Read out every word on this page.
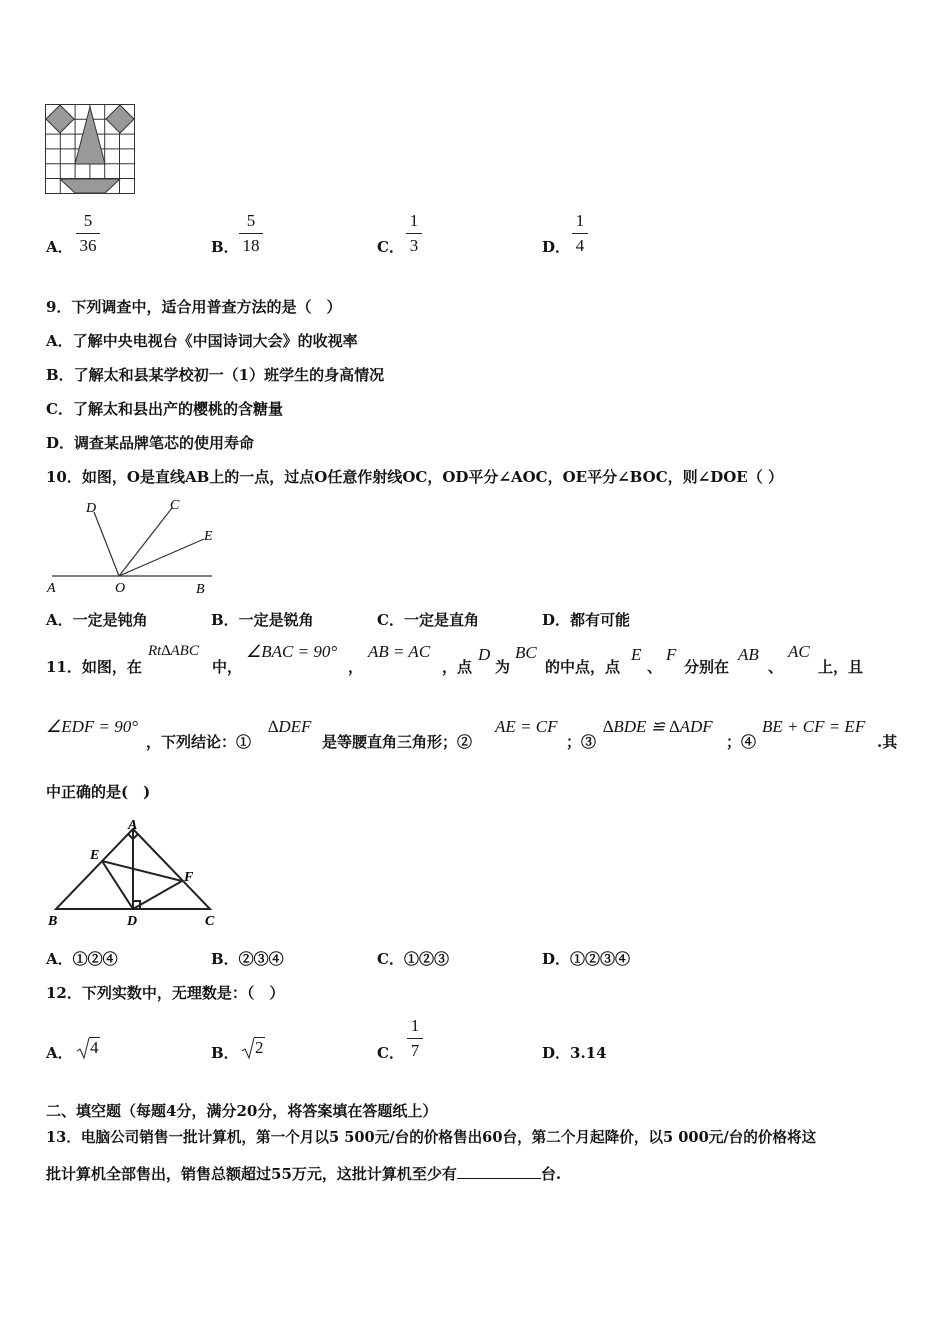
A．
5
36	B．
5
18	C．
1
3	D．
1
4
9．下列调查中，适合用普查方法的是（　）
A．了解中央电视台《中国诗词大会》的收视率
B．了解太和县某学校初一（1）班学生的身高情况
C．了解太和县出产的樱桃的含糖量
D．调查某品牌笔芯的使用寿命
10．如图，O是直线AB上的一点，过点O任意作射线OC，OD平分∠AOC，OE平分∠BOC，则∠DOE（ ）
D	C
E
A	O	B
A．一定是钝角	B．一定是锐角	C．一定是直角	D．都有可能
11．如图，在
Rt∆ABC
中，
∠BAC = 90°
，
AB = AC
，点
D
为
BC
的中点，点
E
、
F
分别在
AB
、
AC
上，且
∠EDF = 90°
，下列结论：①
∆DEF
是等腰直角三角形；②
AE = CF
；③
∆BDE ≌ ∆ADF
；④
BE + CF = EF
.其
中正确的是(　)
A
E
F
B	D	C
A．①②④	B．②③④	C．①②③	D．①②③④
12．下列实数中，无理数是：（　）
A． 4	B． 2	C．
1
7	D．3.14
二、填空题（每题4分，满分20分，将答案填在答题纸上）
13．电脑公司销售一批计算机，第一个月以5 500元/台的价格售出60台，第二个月起降价，以5 000元/台的价格将这
批计算机全部售出，销售总额超过55万元，这批计算机至少有	台.
